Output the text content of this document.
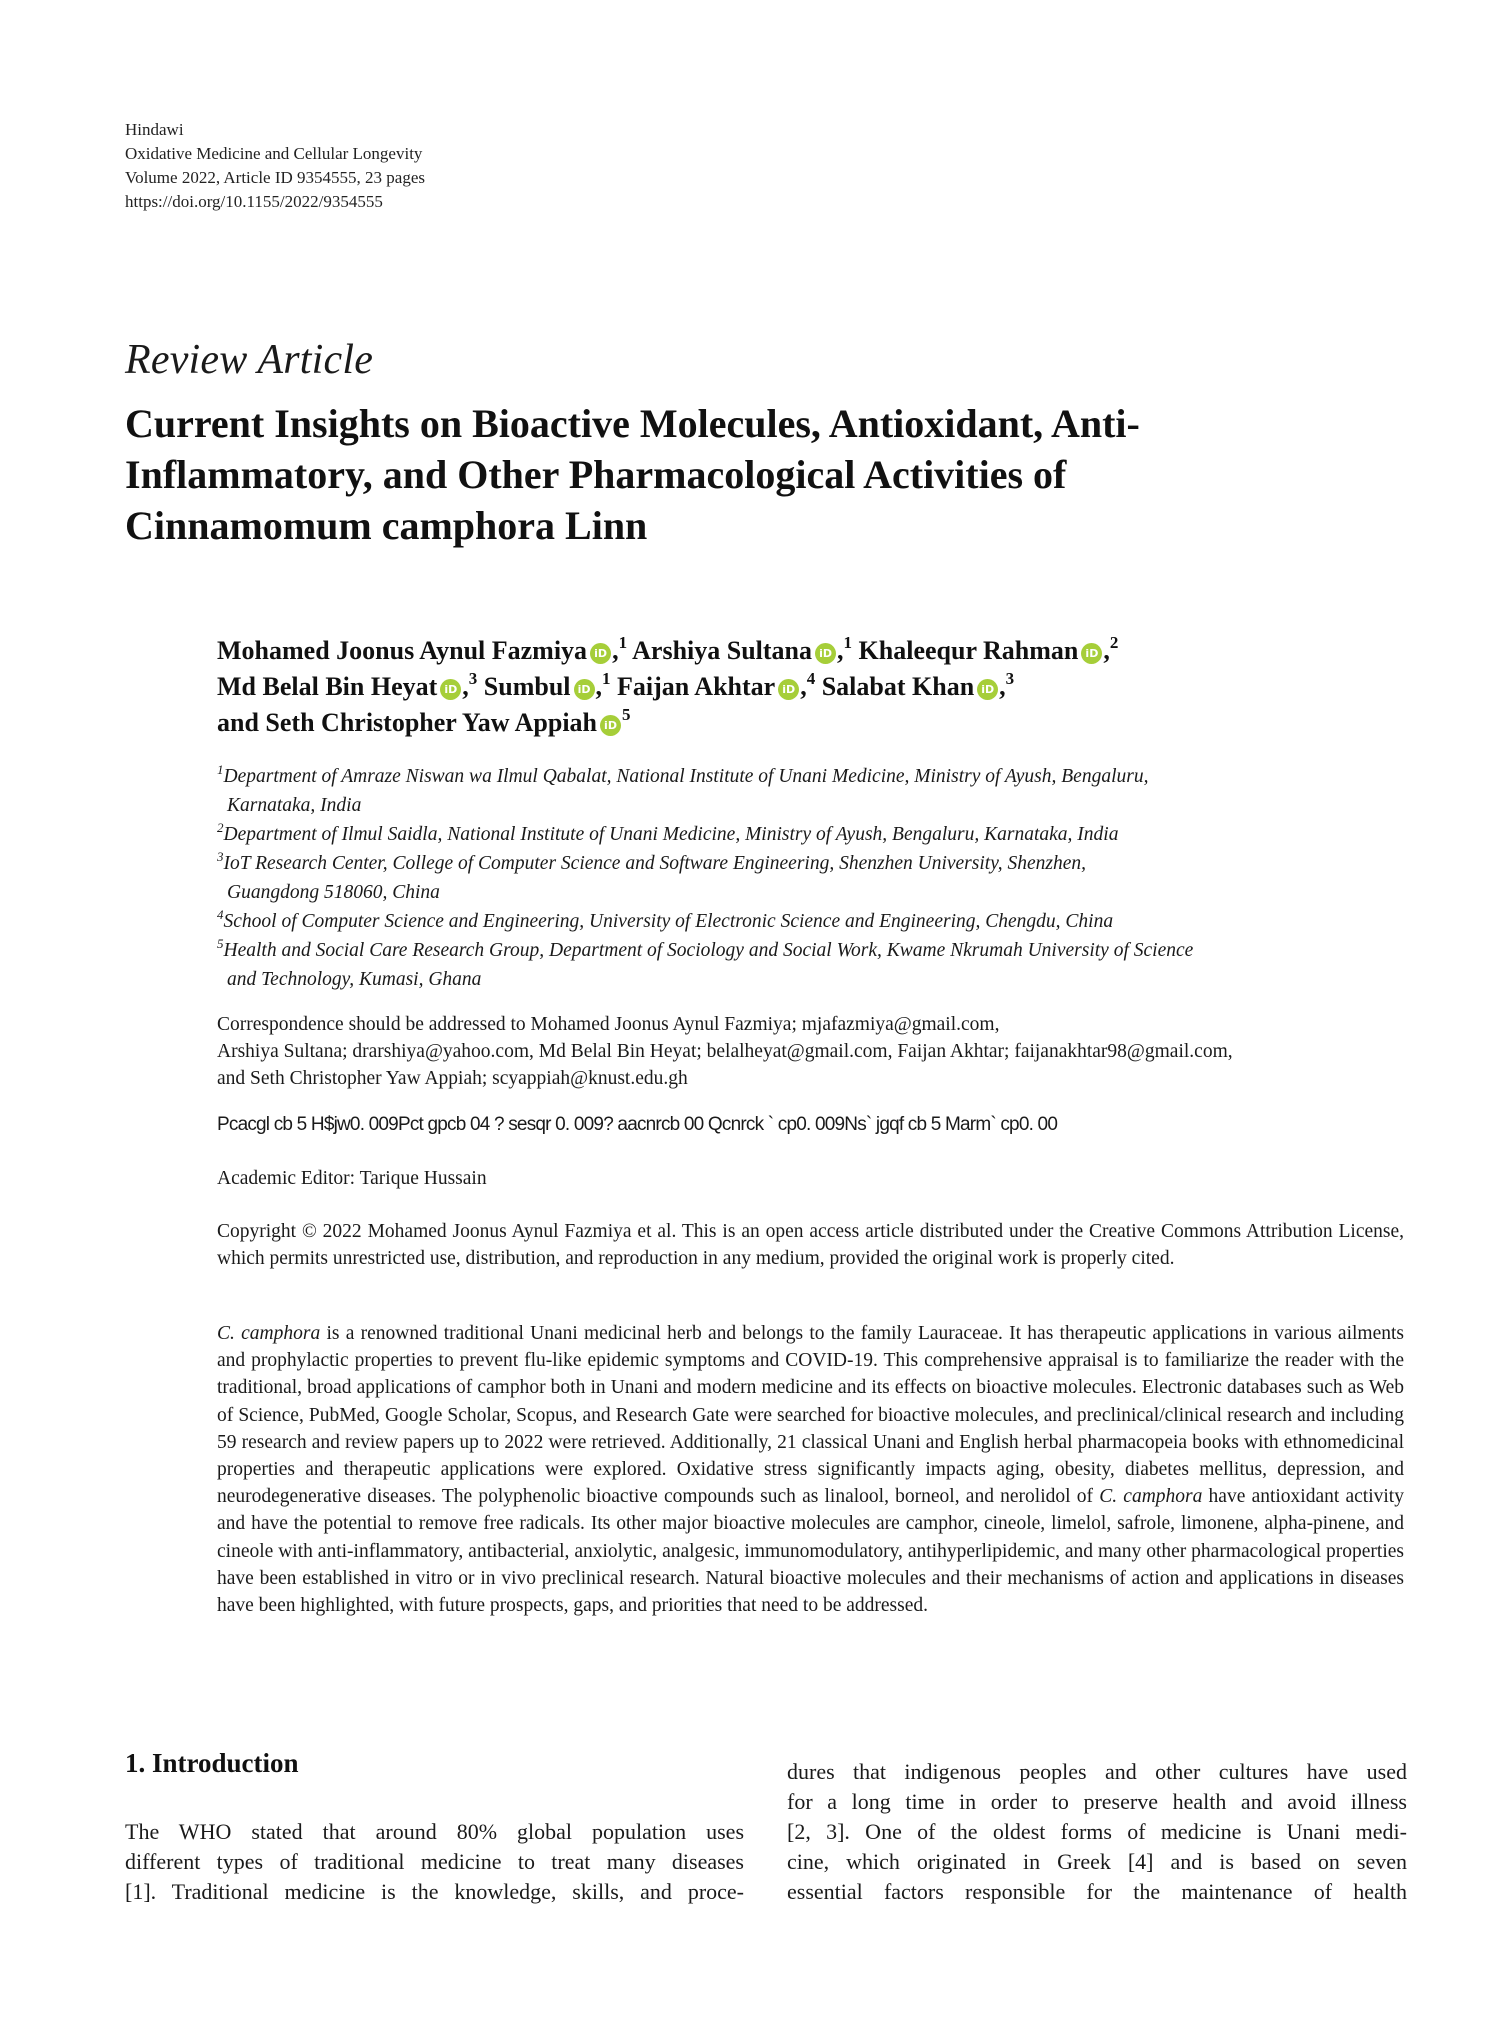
Hindawi
Oxidative Medicine and Cellular Longevity
Volume 2022, Article ID 9354555, 23 pages
https://doi.org/10.1155/2022/9354555
Review Article
Current Insights on Bioactive Molecules, Antioxidant, Anti-
Inflammatory, and Other Pharmacological Activities of
Cinnamomum camphora Linn
Mohamed Joonus Aynul Fazmiya iD ,$^1$ Arshiya Sultana iD ,$^1$ Khaleequr Rahman iD ,$^2$
Md Belal Bin Heyat iD ,$^3$ Sumbul iD ,$^1$ Faijan Akhtar iD ,$^4$ Salabat Khan iD ,$^3$
and Seth Christopher Yaw Appiah $iD^5$
$^1$Department of Amraze Niswan wa Ilmul Qabalat, National Institute of Unani Medicine, Ministry of Ayush, Bengaluru,
Karnataka, India
$^2$Department of Ilmul Saidla, National Institute of Unani Medicine, Ministry of Ayush, Bengaluru, Karnataka, India
$^3$IoT Research Center, College of Computer Science and Software Engineering, Shenzhen University, Shenzhen,
Guangdong 518060, China
$^4$School of Computer Science and Engineering, University of Electronic Science and Engineering, Chengdu, China
$^5$Health and Social Care Research Group, Department of Sociology and Social Work, Kwame Nkrumah University of Science
and Technology, Kumasi, Ghana
Correspondence should be addressed to Mohamed Joonus Aynul Fazmiya; mjafazmiya@gmail.com,
Arshiya Sultana; drarshiya@yahoo.com, Md Belal Bin Heyat; belalheyat@gmail.com, Faijan Akhtar; faijanakhtar98@gmail.com,
and Seth Christopher Yaw Appiah; scyappiah@knust.edu.gh
Pcacgl cb 5 H$jw0. 009Pct gpcb 04 ? sesqr 0. 009? aacnrcb 00 Qcnrck ` cp0. 009Ns` jgqf cb 5 Marm` cp0. 00
Academic Editor: Tarique Hussain
Copyright © 2022 Mohamed Joonus Aynul Fazmiya et al. This is an open access article distributed under the Creative Commons Attribution License, which permits unrestricted use, distribution, and reproduction in any medium, provided the original work is properly cited.
C. camphora is a renowned traditional Unani medicinal herb and belongs to the family Lauraceae. It has therapeutic applications in various ailments and prophylactic properties to prevent flu-like epidemic symptoms and COVID-19. This comprehensive appraisal is to familiarize the reader with the traditional, broad applications of camphor both in Unani and modern medicine and its effects on bioactive molecules. Electronic databases such as Web of Science, PubMed, Google Scholar, Scopus, and Research Gate were searched for bioactive molecules, and preclinical/clinical research and including 59 research and review papers up to 2022 were retrieved. Additionally, 21 classical Unani and English herbal pharmacopeia books with ethnomedicinal properties and therapeutic applications were explored. Oxidative stress significantly impacts aging, obesity, diabetes mellitus, depression, and neurodegenerative diseases. The polyphenolic bioactive compounds such as linalool, borneol, and nerolidol of C. camphora have antioxidant activity and have the potential to remove free radicals. Its other major bioactive molecules are camphor, cineole, limelol, safrole, limonene, alpha-pinene, and cineole with anti-inflammatory, antibacterial, anxiolytic, analgesic, immunomodulatory, antihyperlipidemic, and many other pharmacological properties have been established in vitro or in vivo preclinical research. Natural bioactive molecules and their mechanisms of action and applications in diseases have been highlighted, with future prospects, gaps, and priorities that need to be addressed.
1. Introduction
The WHO stated that around 80% global population uses
different types of traditional medicine to treat many diseases
[1]. Traditional medicine is the knowledge, skills, and proce-
dures that indigenous peoples and other cultures have used
for a long time in order to preserve health and avoid illness
[2, 3]. One of the oldest forms of medicine is Unani medi-
cine, which originated in Greek [4] and is based on seven
essential factors responsible for the maintenance of health
